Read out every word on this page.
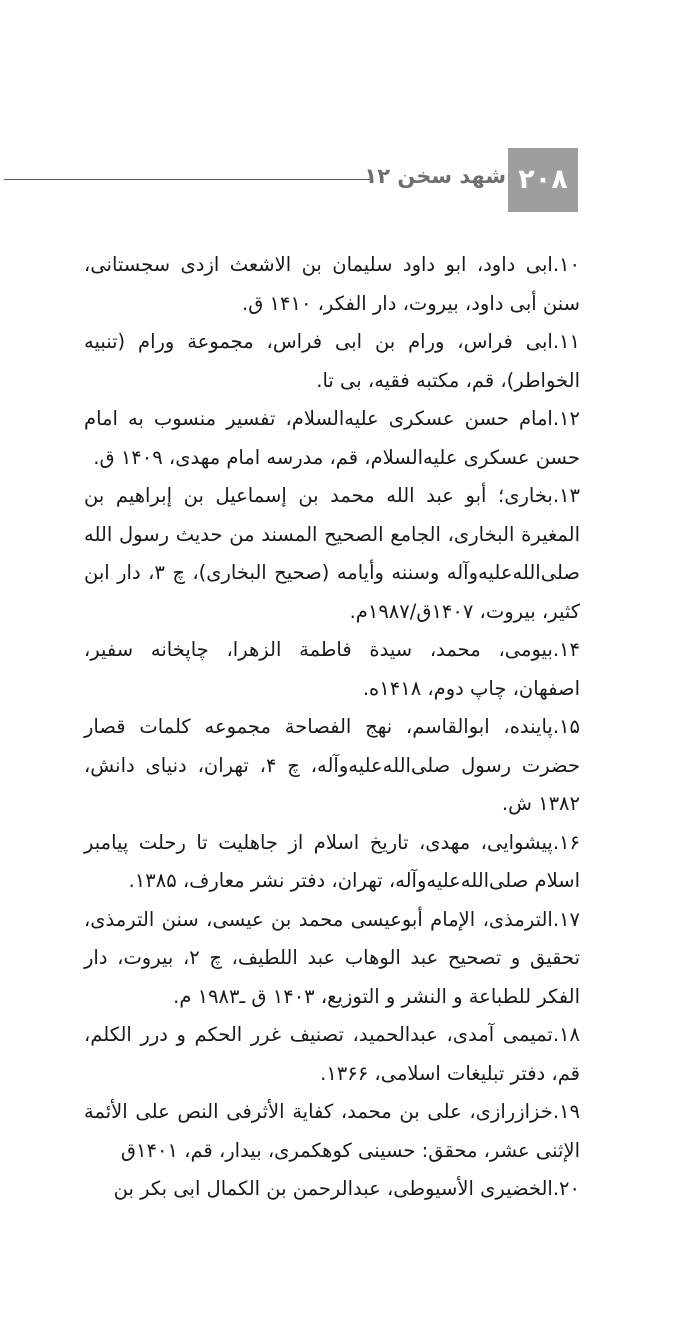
شهد سخن ۱۲ ۲۰۸
۱۰.ابی داود، ابو داود سلیمان بن الاشعث ازدی سجستانی، سنن أبی داود، بیروت، دار الفکر، ۱۴۱۰ ق.
۱۱.ابی فراس، ورام بن ابی فراس، مجموعة ورام (تنبیه الخواطر)، قم، مکتبه فقیه، بی تا.
۱۲.امام حسن عسکری علیه‌السلام، تفسیر منسوب به امام حسن عسکری علیه‌السلام، قم، مدرسه امام مهدی، ۱۴۰۹ ق.
۱۳.بخاری؛ أبو عبد الله محمد بن إسماعیل بن إبراهیم بن المغیرة البخاری، الجامع الصحیح المسند من حدیث رسول الله صلی‌الله‌علیه‌وآله وسننه وأیامه (صحیح البخاری)، چ ۳، دار ابن کثیر، بیروت، ۱۴۰۷ق/۱۹۸۷م.
۱۴.بیومی، محمد، سیدة فاطمة الزهرا، چاپخانه سفیر، اصفهان، چاپ دوم، ۱۴۱۸ه.
۱۵.پاینده، ابوالقاسم، نهج الفصاحة مجموعه کلمات قصار حضرت رسول صلی‌الله‌علیه‌وآله، چ ۴، تهران، دنیای دانش، ۱۳۸۲ ش.
۱۶.پیشوایی، مهدی، تاریخ اسلام از جاهلیت تا رحلت پیامبر اسلام صلی‌الله‌علیه‌وآله، تهران، دفتر نشر معارف، ۱۳۸۵.
۱۷.الترمذی، الإمام أبوعیسی محمد بن عیسی، سنن الترمذی، تحقیق و تصحیح عبد الوهاب عبد اللطیف، چ ۲، بیروت، دار الفکر للطباعة و النشر و التوزیع، ۱۴۰۳ ق ـ۱۹۸۳ م.
۱۸.تمیمی آمدی، عبدالحمید، تصنیف غرر الحکم و درر الکلم، قم، دفتر تبلیغات اسلامی، ۱۳۶۶.
۱۹.خزازرازی، علی بن محمد، کفایة الأثرفی النص علی الأئمة الإثنی عشر، محقق: حسینی کوهکمری، بیدار، قم، ۱۴۰۱ق
۲۰.الخضیری الأسیوطی، عبدالرحمن بن الکمال ابی بکر بن
